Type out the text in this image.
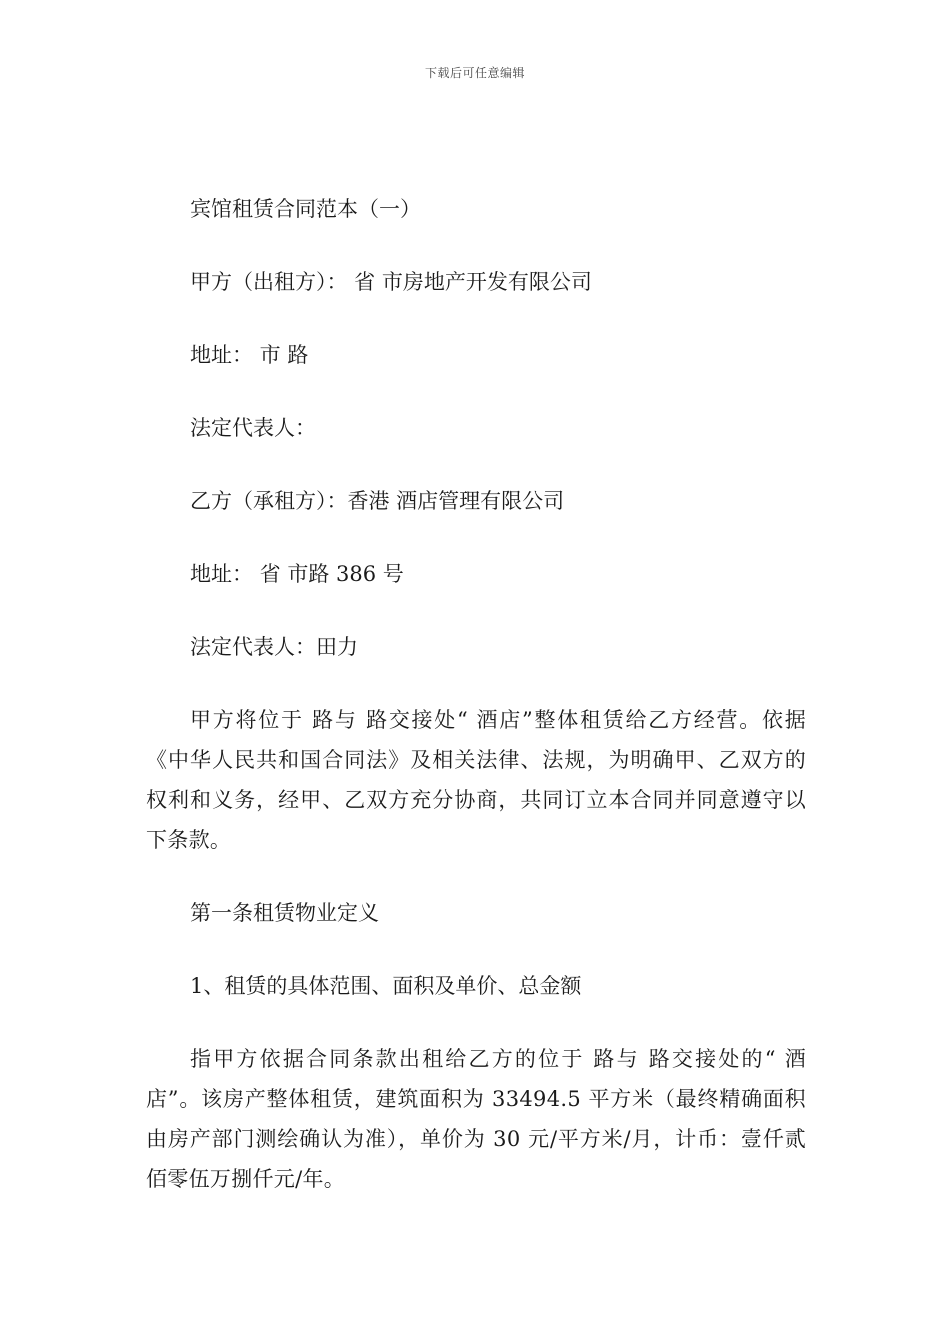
下载后可任意编辑

宾馆租赁合同范本（一）

甲方（出租方）： 省 市房地产开发有限公司

地址： 市 路

法定代表人：

乙方（承租方）：香港 酒店管理有限公司

地址： 省 市路 386 号

法定代表人：田力

甲方将位于 路与 路交接处“ 酒店”整体租赁给乙方经营。依据《中华人民共和国合同法》及相关法律、法规，为明确甲、乙双方的权利和义务，经甲、乙双方充分协商，共同订立本合同并同意遵守以下条款。

第一条租赁物业定义

1、租赁的具体范围、面积及单价、总金额

指甲方依据合同条款出租给乙方的位于 路与 路交接处的“ 酒店”。该房产整体租赁，建筑面积为 33494.5 平方米（最终精确面积由房产部门测绘确认为准），单价为 30 元/平方米/月，计币：壹仟贰佰零伍万捌仟元/年。
